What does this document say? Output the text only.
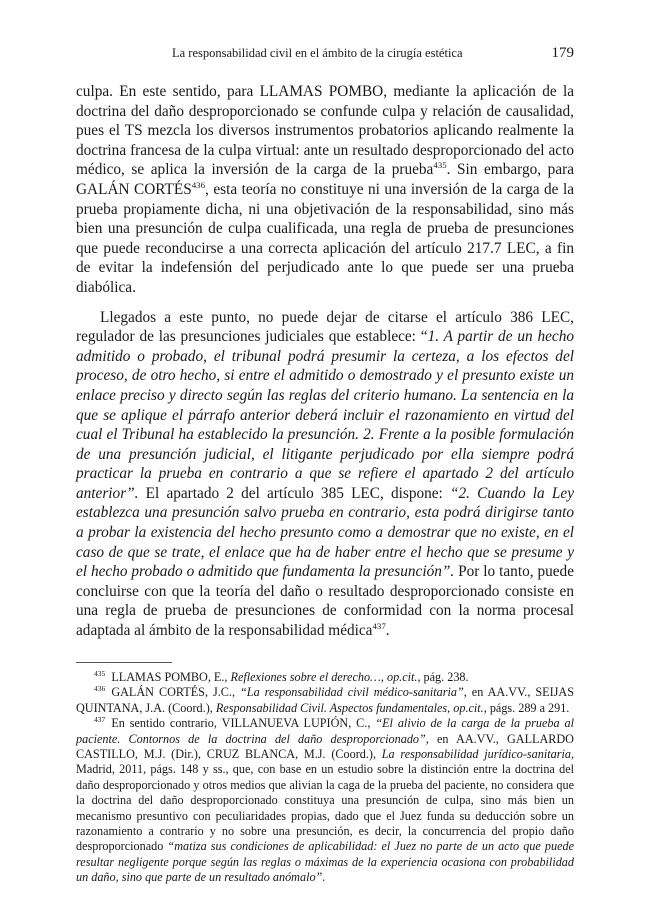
La responsabilidad civil en el ámbito de la cirugía estética	179

culpa. En este sentido, para LLAMAS POMBO, mediante la aplicación de la doctrina del daño desproporcionado se confunde culpa y relación de causalidad, pues el TS mezcla los diversos instrumentos probatorios aplicando realmente la doctrina francesa de la culpa virtual: ante un resultado desproporcionado del acto médico, se aplica la inversión de la carga de la prueba$^{435}$. Sin embargo, para GALÁN CORTÉS$^{436}$, esta teoría no constituye ni una inversión de la carga de la prueba propiamente dicha, ni una objetivación de la responsabilidad, sino más bien una presunción de culpa cualificada, una regla de prueba de presunciones que puede reconducirse a una correcta aplicación del artículo 217.7 LEC, a fin de evitar la indefensión del perjudicado ante lo que puede ser una prueba diabólica.

Llegados a este punto, no puede dejar de citarse el artículo 386 LEC, regulador de las presunciones judiciales que establece: “1. A partir de un hecho admitido o probado, el tribunal podrá presumir la certeza, a los efectos del proceso, de otro hecho, si entre el admitido o demostrado y el presunto existe un enlace preciso y directo según las reglas del criterio humano. La sentencia en la que se aplique el párrafo anterior deberá incluir el razonamiento en virtud del cual el Tribunal ha establecido la presunción. 2. Frente a la posible formulación de una presunción judicial, el litigante perjudicado por ella siempre podrá practicar la prueba en contrario a que se refiere el apartado 2 del artículo anterior”. El apartado 2 del artículo 385 LEC, dispone: “2. Cuando la Ley establezca una presunción salvo prueba en contrario, esta podrá dirigirse tanto a probar la existencia del hecho presunto como a demostrar que no existe, en el caso de que se trate, el enlace que ha de haber entre el hecho que se presume y el hecho probado o admitido que fundamenta la presunción”. Por lo tanto, puede concluirse con que la teoría del daño o resultado desproporcionado consiste en una regla de prueba de presunciones de conformidad con la norma procesal adaptada al ámbito de la responsabilidad médica$^{437}$.

$^{435}$ LLAMAS POMBO, E., Reflexiones sobre el derecho…, op.cit., pág. 238.

$^{436}$ GALÁN CORTÉS, J.C., “La responsabilidad civil médico-sanitaria”, en AA.VV., SEIJAS QUINTANA, J.A. (Coord.), Responsabilidad Civil. Aspectos fundamentales, op.cit., págs. 289 a 291.

$^{437}$ En sentido contrario, VILLANUEVA LUPIÓN, C., “El alivio de la carga de la prueba al paciente. Contornos de la doctrina del daño desproporcionado”, en AA.VV., GALLARDO CASTILLO, M.J. (Dir.), CRUZ BLANCA, M.J. (Coord.), La responsabilidad jurídico-sanitaria, Madrid, 2011, págs. 148 y ss., que, con base en un estudio sobre la distinción entre la doctrina del daño desproporcionado y otros medios que alivian la caga de la prueba del paciente, no considera que la doctrina del daño desproporcionado constituya una presunción de culpa, sino más bien un mecanismo presuntivo con peculiaridades propias, dado que el Juez funda su deducción sobre un razonamiento a contrario y no sobre una presunción, es decir, la concurrencia del propio daño desproporcionado “matiza sus condiciones de aplicabilidad: el Juez no parte de un acto que puede resultar negligente porque según las reglas o máximas de la experiencia ocasiona con probabilidad un daño, sino que parte de un resultado anómalo”.
